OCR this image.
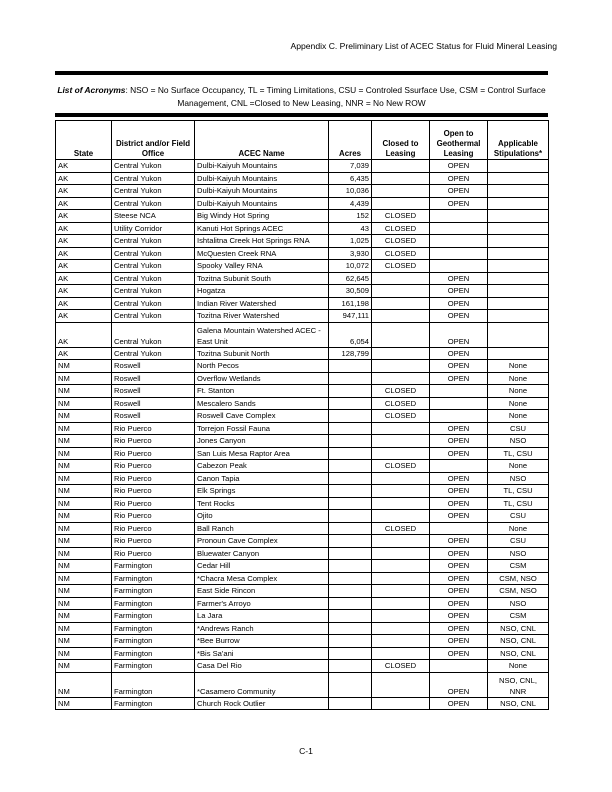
Appendix C. Preliminary List of ACEC Status for Fluid Mineral Leasing
List of Acronyms: NSO = No Surface Occupancy, TL = Timing Limitations, CSU = Controled Ssurface Use, CSM = Control Surface
Management, CNL =Closed to New Leasing, NNR = No New ROW
State	District and/or Field Office	ACEC Name	Acres	Closed to Leasing	Open to Geothermal Leasing	Applicable Stipulations*
AK	Central Yukon	Dulbi-Kaiyuh Mountains	7,039		OPEN	
AK	Central Yukon	Dulbi-Kaiyuh Mountains	6,435		OPEN	
AK	Central Yukon	Dulbi-Kaiyuh Mountains	10,036		OPEN	
AK	Central Yukon	Dulbi-Kaiyuh Mountains	4,439		OPEN	
AK	Steese NCA	Big Windy Hot Spring	152	CLOSED		
AK	Utility Corridor	Kanuti Hot Springs ACEC	43	CLOSED		
AK	Central Yukon	Ishtalitna Creek Hot Springs RNA	1,025	CLOSED		
AK	Central Yukon	McQuesten Creek RNA	3,930	CLOSED		
AK	Central Yukon	Spooky Valley RNA	10,072	CLOSED		
AK	Central Yukon	Tozitna Subunit South	62,645		OPEN	
AK	Central Yukon	Hogatza	30,509		OPEN	
AK	Central Yukon	Indian River Watershed	161,198		OPEN	
AK	Central Yukon	Tozitna River Watershed	947,111		OPEN	
AK	Central Yukon	Galena Mountain Watershed ACEC - East Unit	6,054		OPEN	
AK	Central Yukon	Tozitna Subunit North	128,799		OPEN	
NM	Roswell	North Pecos			OPEN	None
NM	Roswell	Overflow Wetlands			OPEN	None
NM	Roswell	Ft. Stanton		CLOSED		None
NM	Roswell	Mescalero Sands		CLOSED		None
NM	Roswell	Roswell Cave Complex		CLOSED		None
NM	Rio Puerco	Torrejon Fossil Fauna			OPEN	CSU
NM	Rio Puerco	Jones Canyon			OPEN	NSO
NM	Rio Puerco	San Luis Mesa Raptor Area			OPEN	TL, CSU
NM	Rio Puerco	Cabezon Peak		CLOSED		None
NM	Rio Puerco	Canon Tapia			OPEN	NSO
NM	Rio Puerco	Elk Springs			OPEN	TL, CSU
NM	Rio Puerco	Tent Rocks			OPEN	TL, CSU
NM	Rio Puerco	Ojito			OPEN	CSU
NM	Rio Puerco	Ball Ranch		CLOSED		None
NM	Rio Puerco	Pronoun Cave Complex			OPEN	CSU
NM	Rio Puerco	Bluewater Canyon			OPEN	NSO
NM	Farmington	Cedar Hill			OPEN	CSM
NM	Farmington	*Chacra Mesa Complex			OPEN	CSM, NSO
NM	Farmington	East Side Rincon			OPEN	CSM, NSO
NM	Farmington	Farmer's Arroyo			OPEN	NSO
NM	Farmington	La Jara			OPEN	CSM
NM	Farmington	*Andrews Ranch			OPEN	NSO, CNL
NM	Farmington	*Bee Burrow			OPEN	NSO, CNL
NM	Farmington	*Bis Sa'ani			OPEN	NSO, CNL
NM	Farmington	Casa Del Rio		CLOSED		None
NM	Farmington	*Casamero Community			OPEN	NSO, CNL, NNR
NM	Farmington	Church Rock Outlier			OPEN	NSO, CNL
C-1
